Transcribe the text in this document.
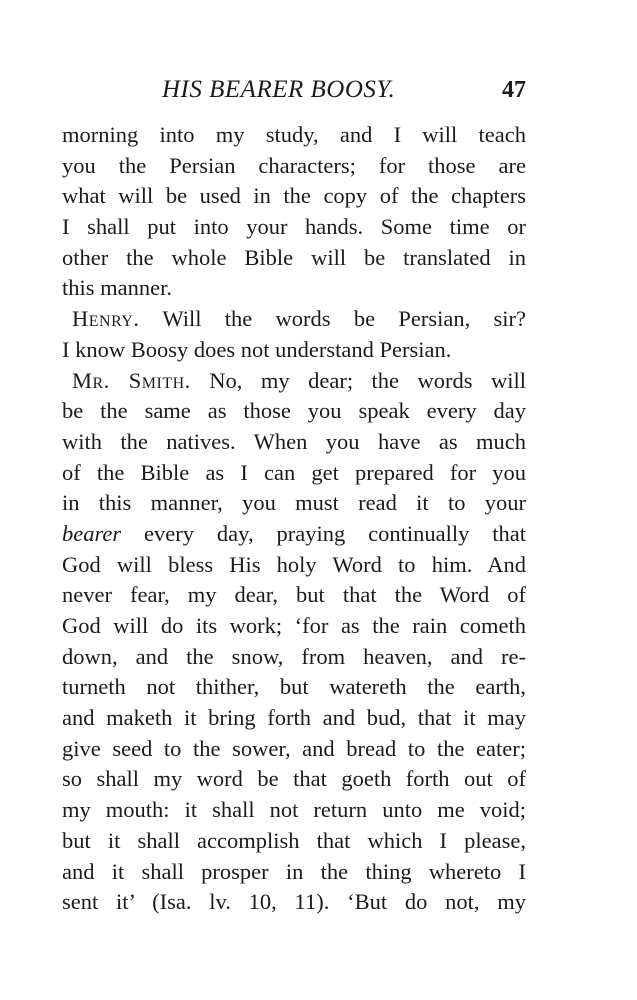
HIS BEARER BOOSY.	47
morning into my study, and I will teach
you the Persian characters; for those are
what will be used in the copy of the chapters
I shall put into your hands. Some time or
other the whole Bible will be translated in
this manner.
Henry. Will the words be Persian, sir?
I know Boosy does not understand Persian.
Mr. Smith. No, my dear; the words will
be the same as those you speak every day
with the natives. When you have as much
of the Bible as I can get prepared for you
in this manner, you must read it to your
bearer every day, praying continually that
God will bless His holy Word to him. And
never fear, my dear, but that the Word of
God will do its work; ‘for as the rain cometh
down, and the snow, from heaven, and re-
turneth not thither, but watereth the earth,
and maketh it bring forth and bud, that it may
give seed to the sower, and bread to the eater;
so shall my word be that goeth forth out of
my mouth: it shall not return unto me void;
but it shall accomplish that which I please,
and it shall prosper in the thing whereto I
sent it’ (Isa. lv. 10, 11). ‘But do not, my
